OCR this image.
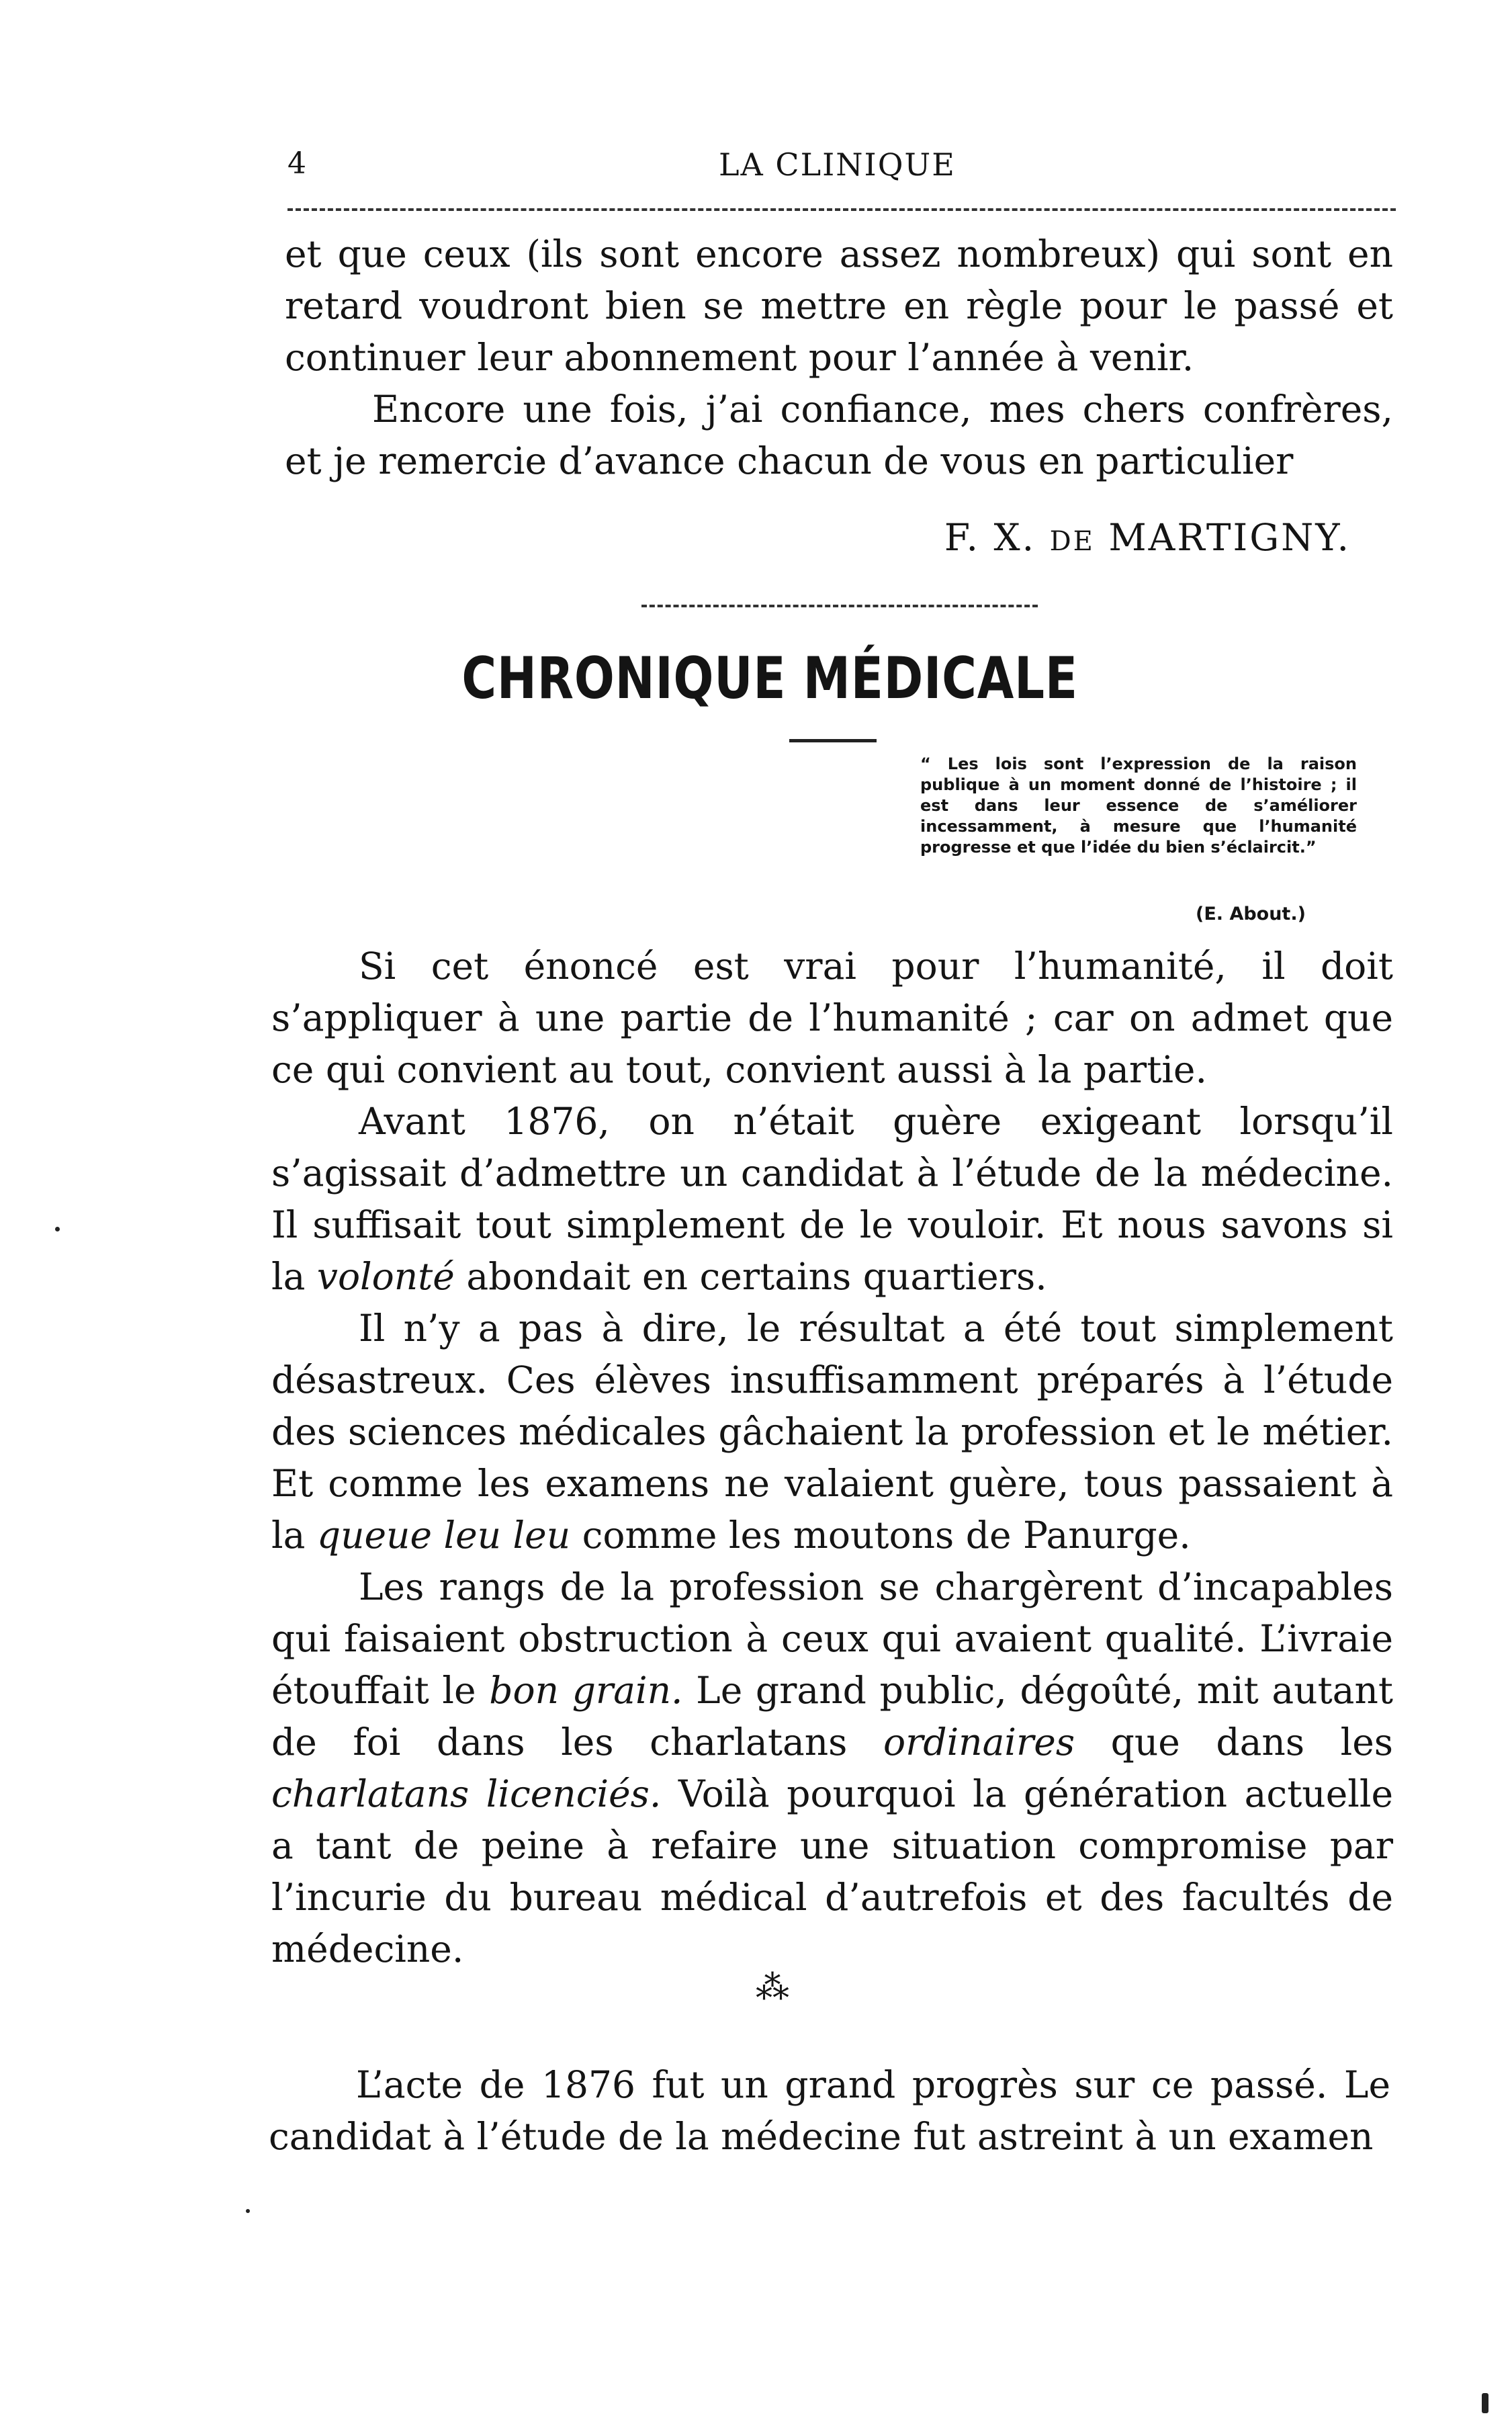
4	LA CLINIQUE

et que ceux (ils sont encore assez nombreux) qui sont en retard voudront bien se mettre en règle pour le passé et continuer leur abonnement pour l’année à venir.

Encore une fois, j’ai confiance, mes chers confrères, et je remercie d’avance chacun de vous en particulier

F. X. DE MARTIGNY.
CHRONIQUE MÉDICALE
“ Les lois sont l’expression de la raison publique à un moment donné de l’histoire ; il est dans leur essence de s’améliorer incessamment, à mesure que l’humanité progresse et que l’idée du bien s’éclaircit.”
(E. About.)

Si cet énoncé est vrai pour l’humanité, il doit s’appliquer à une partie de l’humanité ; car on admet que ce qui convient au tout, convient aussi à la partie.

Avant 1876, on n’était guère exigeant lorsqu’il s’agissait d’admettre un candidat à l’étude de la médecine. Il suffisait tout simplement de le vouloir. Et nous savons si la volonté abondait en certains quartiers.

Il n’y a pas à dire, le résultat a été tout simplement désastreux. Ces élèves insuffisamment préparés à l’étude des sciences médicales gâchaient la profession et le métier. Et comme les examens ne valaient guère, tous passaient à la queue leu leu comme les moutons de Panurge.

Les rangs de la profession se chargèrent d’incapables qui faisaient obstruction à ceux qui avaient qualité. L’ivraie étouffait le bon grain. Le grand public, dégoûté, mit autant de foi dans les charlatans ordinaires que dans les charlatans licenciés. Voilà pourquoi la génération actuelle a tant de peine à refaire une situation compromise par l’incurie du bureau médical d’autrefois et des facultés de médecine.

⁂

L’acte de 1876 fut un grand progrès sur ce passé. Le candidat à l’étude de la médecine fut astreint à un examen
